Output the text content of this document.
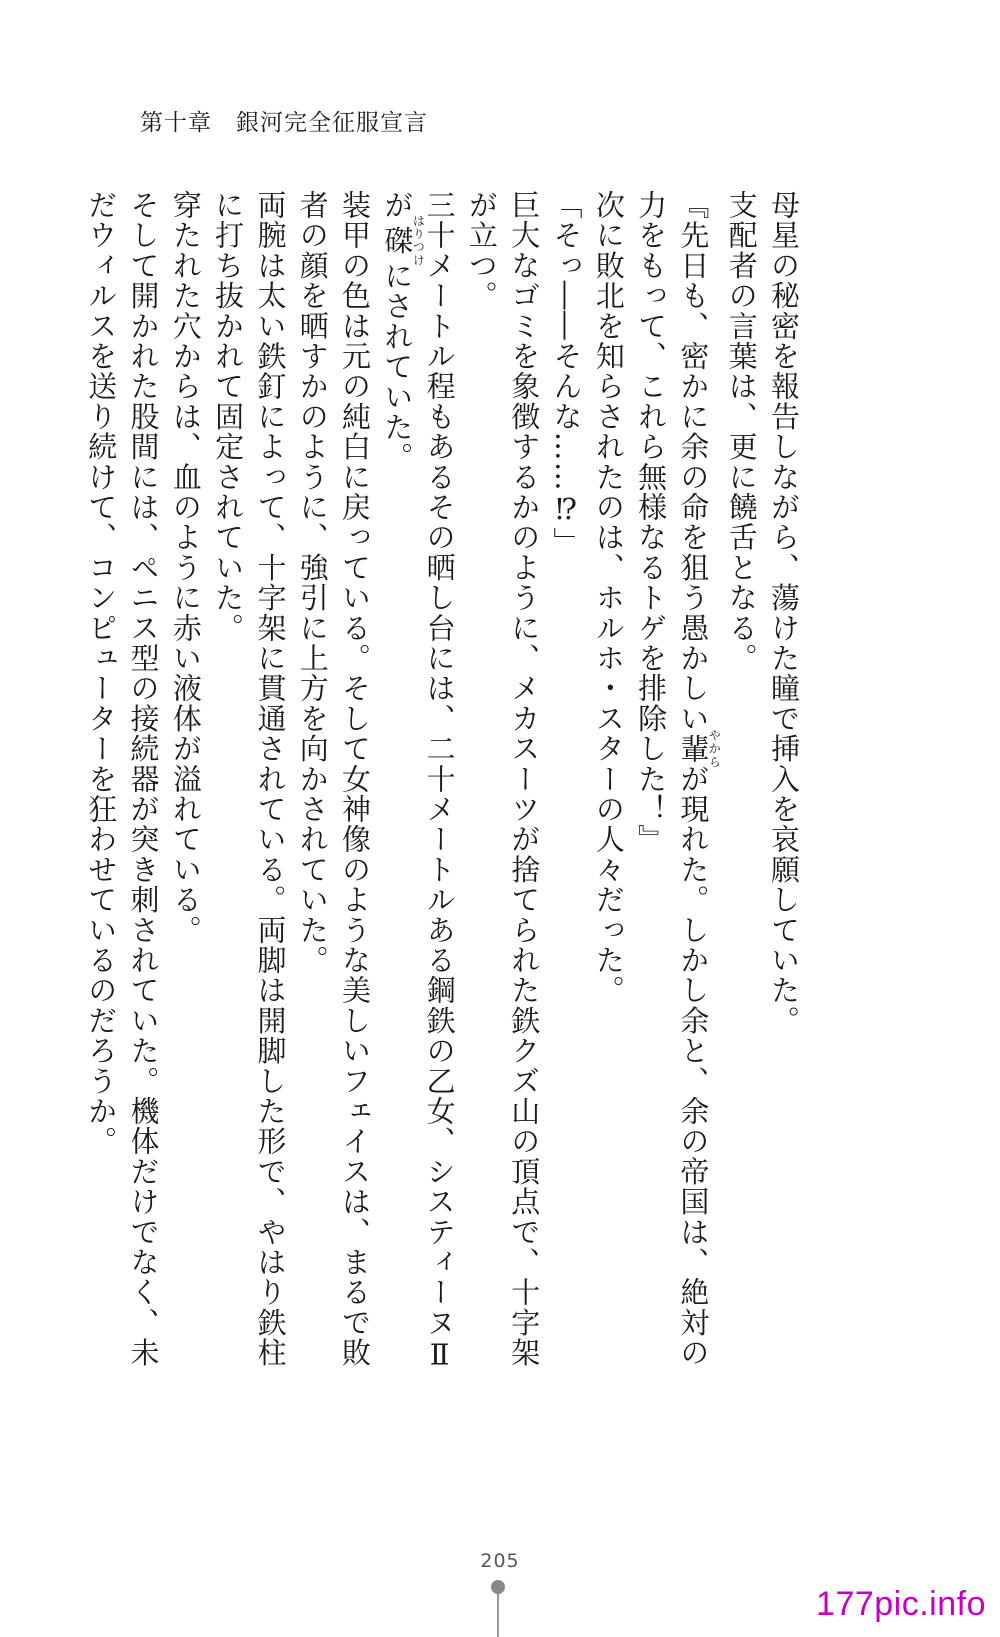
第十章　銀河完全征服宣言

母星の秘密を報告しながら、蕩けた瞳で挿入を哀願していた。

支配者の言葉は、更に饒舌となる。

『先日も、密かに余の命を狙う愚かしい輩やからが現れた。しかし余と、余の帝国は、絶対の力をもって、これら無様なるトゲを排除した！』

次に敗北を知らされたのは、ホルホ・スターの人々だった。

「そっ――そんな……⁉」

巨大なゴミを象徴するかのように、メカスーツが捨てられた鉄クズ山の頂点で、十字架が立つ。

三十メートル程もあるその晒し台には、二十メートルある鋼鉄の乙女、システィーヌⅡが磔はりつけにされていた。

装甲の色は元の純白に戻っている。そして女神像のような美しいフェイスは、まるで敗者の顔を晒すかのように、強引に上方を向かされていた。

両腕は太い鉄釘によって、十字架に貫通されている。両脚は開脚した形で、やはり鉄柱に打ち抜かれて固定されていた。

穿たれた穴からは、血のように赤い液体が溢れている。

そして開かれた股間には、ペニス型の接続器が突き刺されていた。機体だけでなく、未だウィルスを送り続けて、コンピューターを狂わせているのだろうか。

205
177pic.info
